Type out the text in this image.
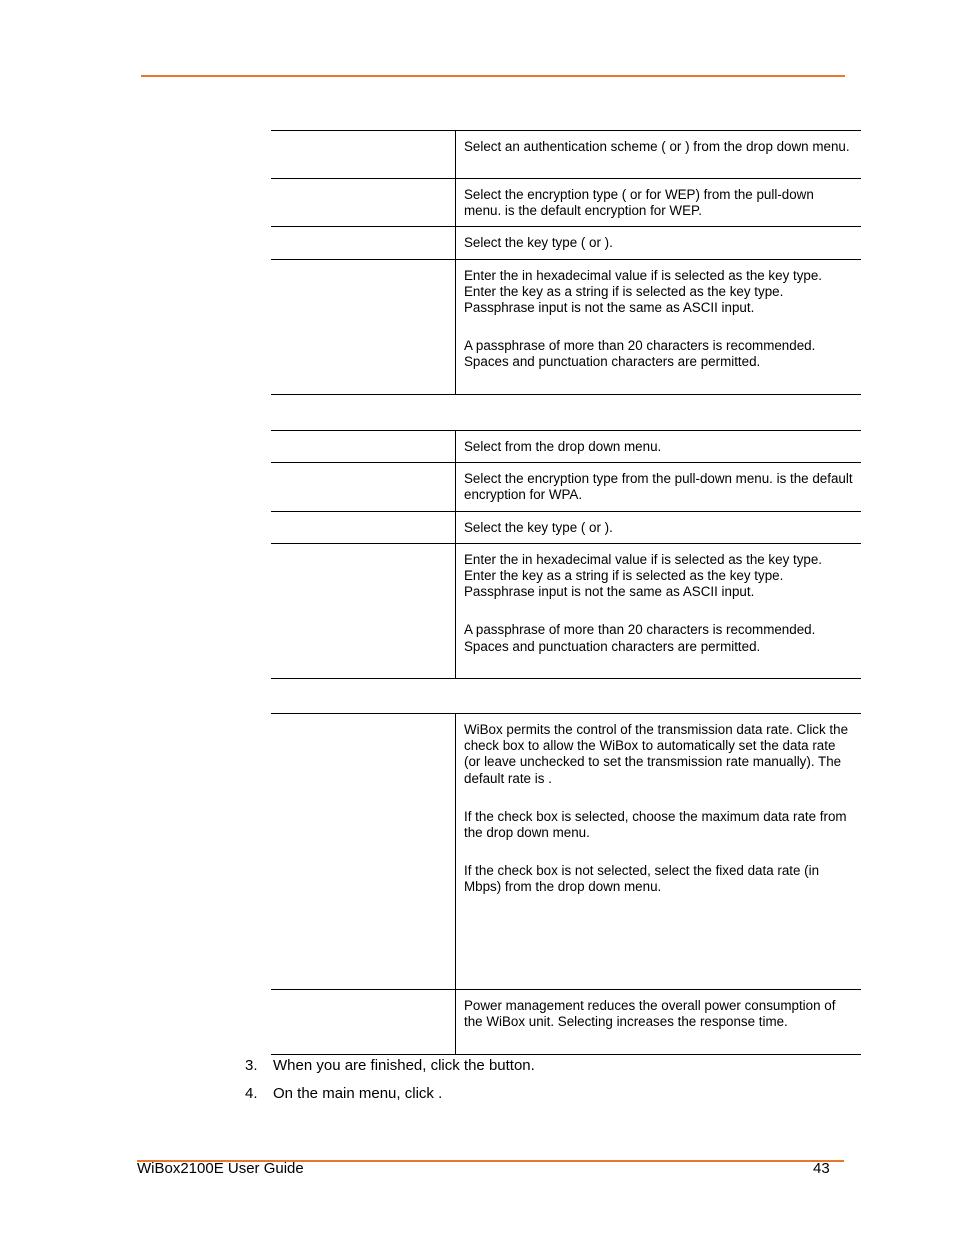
	Select an authentication scheme ( or ) from the drop down menu.

	Select the encryption type ( or for WEP) from the pull-down menu. is the default encryption for WEP.

	Select the key type ( or ).

	Enter the in hexadecimal value if is selected as the key type. Enter the key as a string if is selected as the key type. Passphrase input is not the same as ASCII input.

A passphrase of more than 20 characters is recommended. Spaces and punctuation characters are permitted.

	Select from the drop down menu.

	Select the encryption type from the pull-down menu. is the default encryption for WPA.

	Select the key type ( or ).

	Enter the in hexadecimal value if is selected as the key type. Enter the key as a string if is selected as the key type. Passphrase input is not the same as ASCII input.

A passphrase of more than 20 characters is recommended. Spaces and punctuation characters are permitted.

	WiBox permits the control of the transmission data rate. Click the check box to allow the WiBox to automatically set the data rate (or leave unchecked to set the transmission rate manually). The default rate is .

If the check box is selected, choose the maximum data rate from the drop down menu.

If the check box is not selected, select the fixed data rate (in Mbps) from the drop down menu.

	Power management reduces the overall power consumption of the WiBox unit. Selecting increases the response time.

3. When you are finished, click the button.
4. On the main menu, click .
WiBox2100E User Guide	43
